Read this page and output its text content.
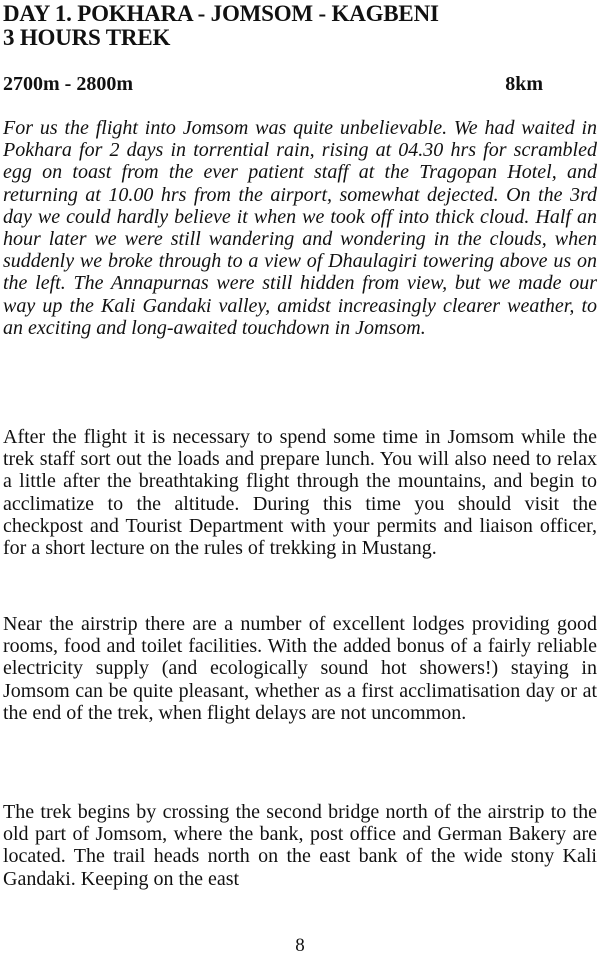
DAY 1. POKHARA - JOMSOM - KAGBENI
3 HOURS TREK
2700m - 2800m	8km

For us the flight into Jomsom was quite unbelievable. We had waited in Pokhara for 2 days in torrential rain, rising at 04.30 hrs for scrambled egg on toast from the ever patient staff at the Tragopan Hotel, and returning at 10.00 hrs from the airport, somewhat dejected. On the 3rd day we could hardly believe it when we took off into thick cloud. Half an hour later we were still wandering and wondering in the clouds, when suddenly we broke through to a view of Dhaulagiri towering above us on the left. The Annapurnas were still hidden from view, but we made our way up the Kali Gandaki valley, amidst increasingly clearer weather, to an exciting and long-awaited touchdown in Jomsom.

After the flight it is necessary to spend some time in Jomsom while the trek staff sort out the loads and prepare lunch. You will also need to relax a little after the breathtaking flight through the mountains, and begin to acclimatize to the altitude. During this time you should visit the checkpost and Tourist Department with your permits and liaison officer, for a short lecture on the rules of trekking in Mustang.

Near the airstrip there are a number of excellent lodges providing good rooms, food and toilet facilities. With the added bonus of a fairly reliable electricity supply (and ecologically sound hot showers!) staying in Jomsom can be quite pleasant, whether as a first acclimatisation day or at the end of the trek, when flight delays are not uncommon.

The trek begins by crossing the second bridge north of the airstrip to the old part of Jomsom, where the bank, post office and German Bakery are located. The trail heads north on the east bank of the wide stony Kali Gandaki. Keeping on the east

8
